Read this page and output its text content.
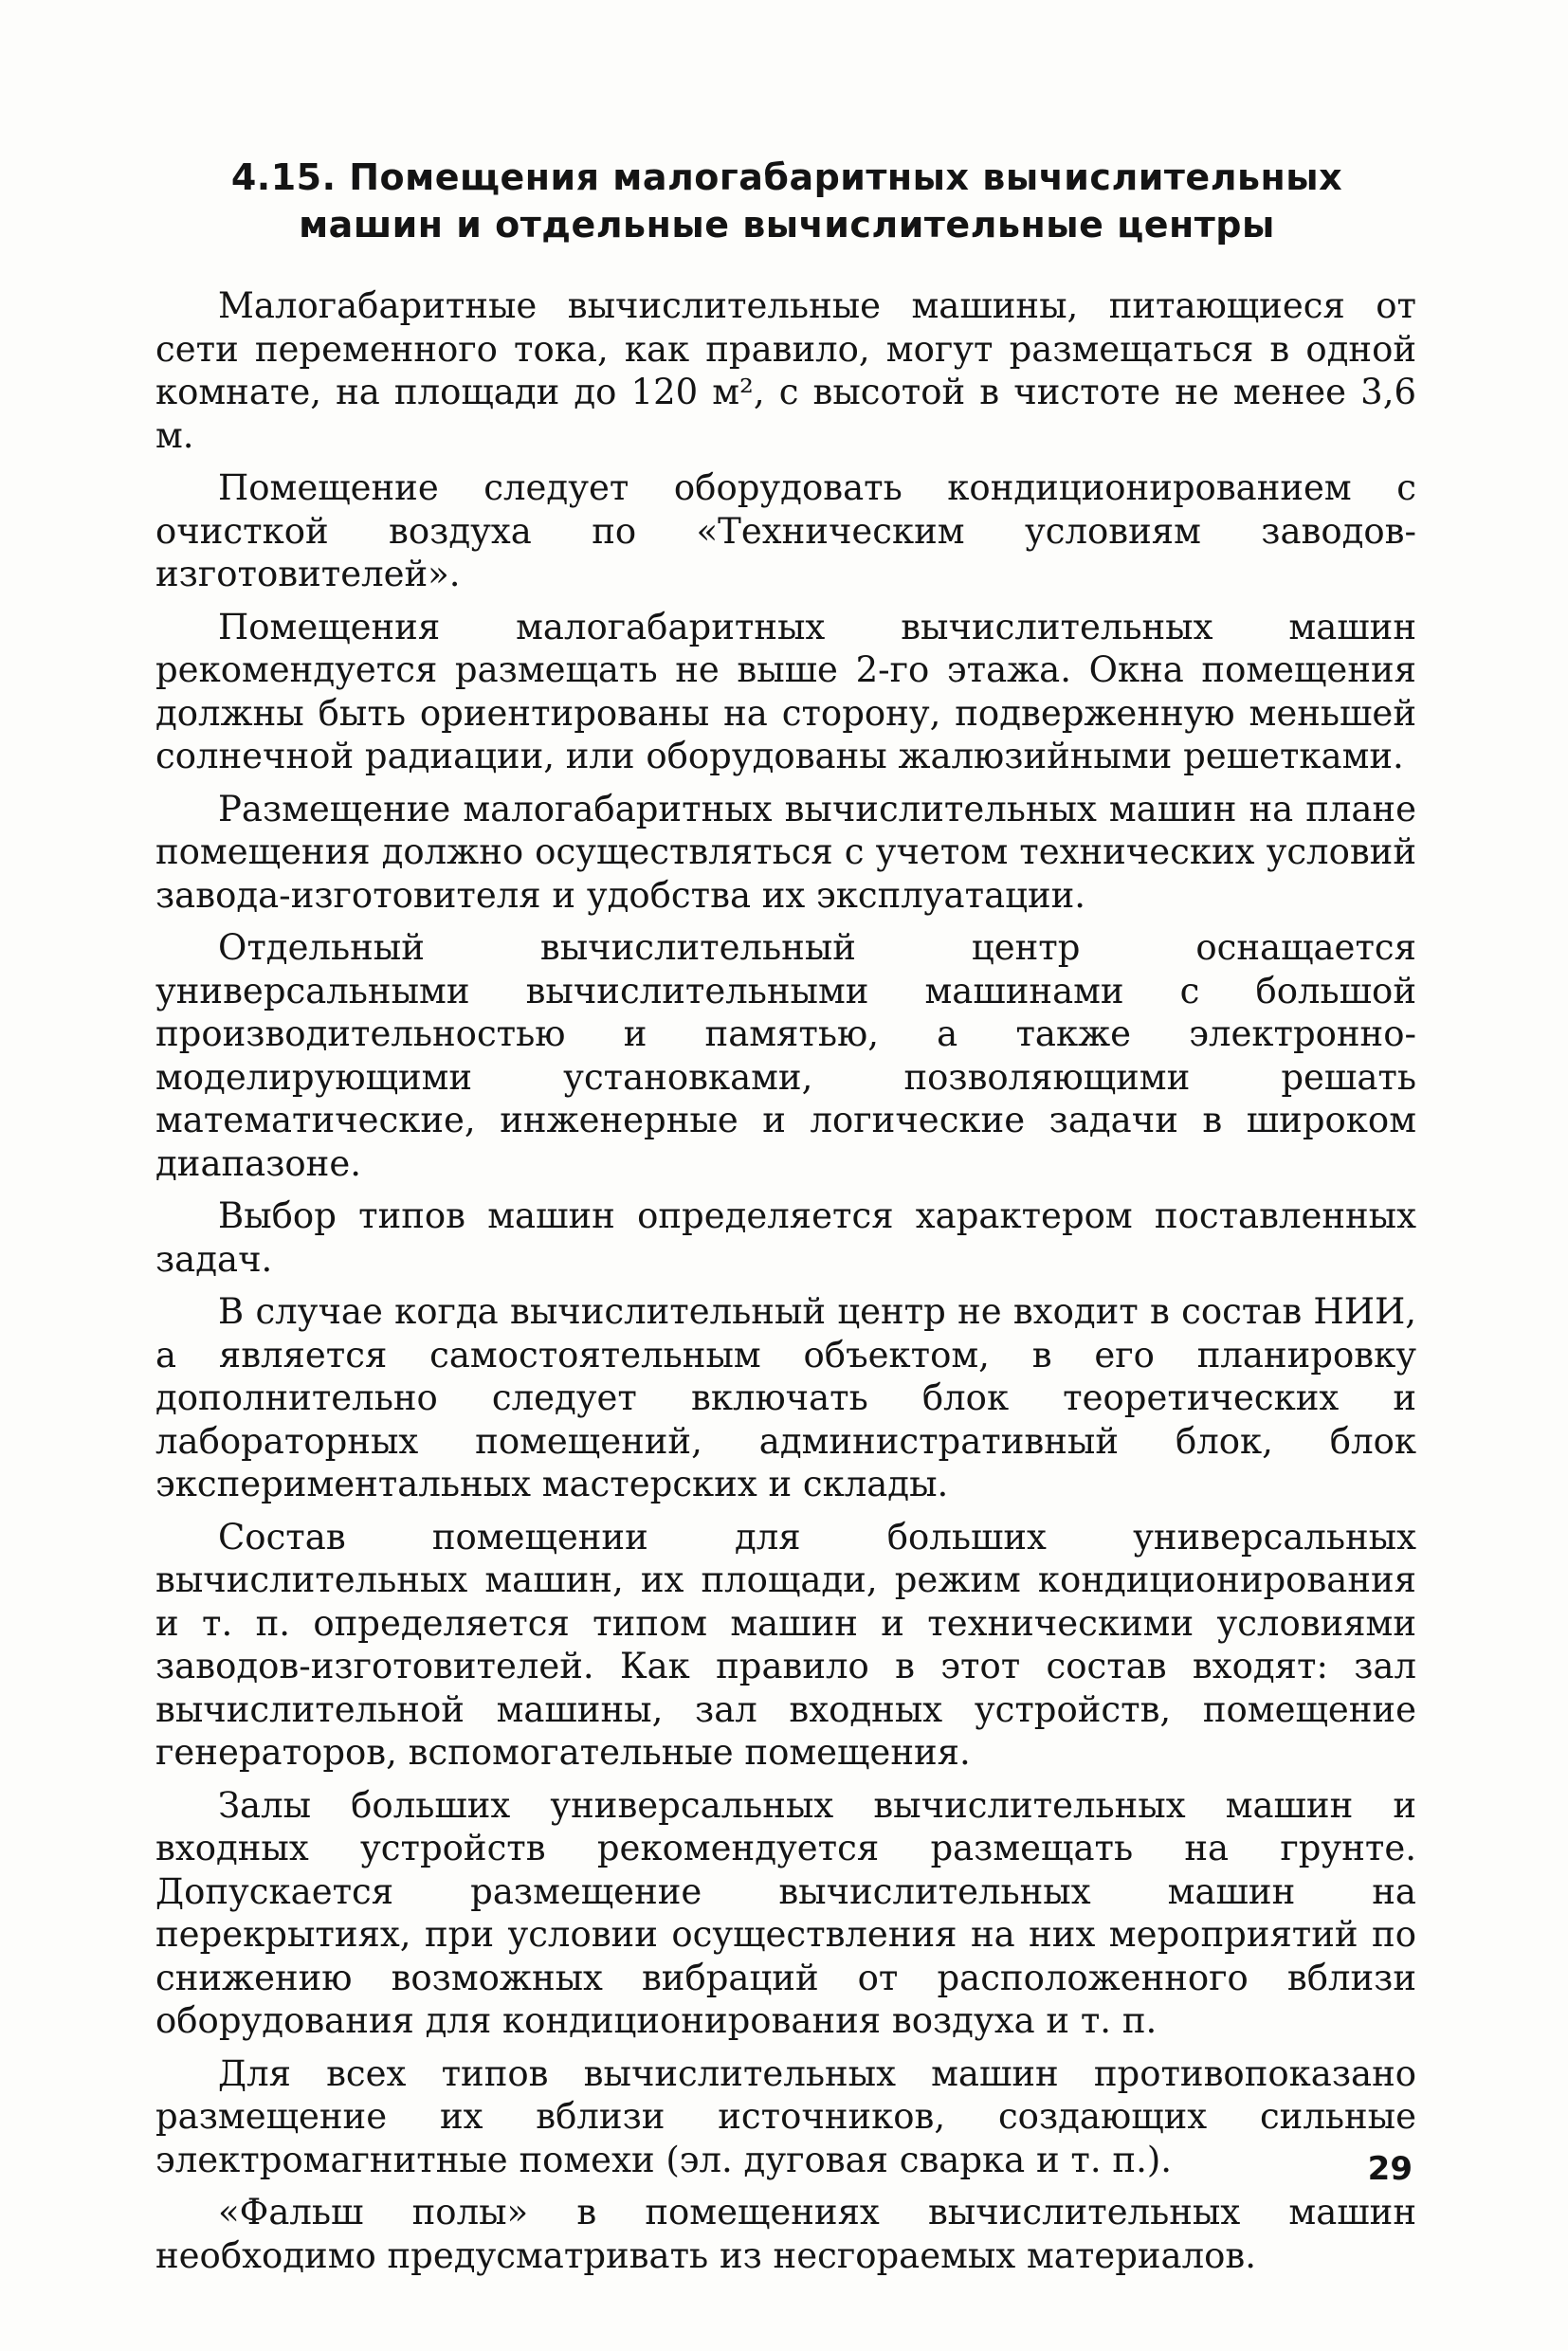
4.15. Помещения малогабаритных вычислительных
машин и отдельные вычислительные центры

Малогабаритные вычислительные машины, питающиеся от сети переменного тока, как правило, могут размещаться в одной комнате, на площади до 120 м², с высотой в чистоте не менее 3,6 м.

Помещение следует оборудовать кондиционированием с очисткой воздуха по «Техническим условиям заводов-изготовителей».

Помещения малогабаритных вычислительных машин рекомендуется размещать не выше 2-го этажа. Окна помещения должны быть ориентированы на сторону, подверженную меньшей солнечной радиации, или оборудованы жалюзийными решетками.

Размещение малогабаритных вычислительных машин на плане помещения должно осуществляться с учетом технических условий завода-изготовителя и удобства их эксплуатации.

Отдельный вычислительный центр оснащается универсальными вычислительными машинами с большой производительностью и памятью, а также электронно-моделирующими установками, позволяющими решать математические, инженерные и логические задачи в широком диапазоне.

Выбор типов машин определяется характером поставленных задач.

В случае когда вычислительный центр не входит в состав НИИ, а является самостоятельным объектом, в его планировку дополнительно следует включать блок теоретических и лабораторных помещений, административный блок, блок экспериментальных мастерских и склады.

Состав помещении для больших универсальных вычислительных машин, их площади, режим кондиционирования и т. п. определяется типом машин и техническими условиями заводов-изготовителей. Как правило в этот состав входят: зал вычислительной машины, зал входных устройств, помещение генераторов, вспомогательные помещения.

Залы больших универсальных вычислительных машин и входных устройств рекомендуется размещать на грунте. Допускается размещение вычислительных машин на перекрытиях, при условии осуществления на них мероприятий по снижению возможных вибраций от расположенного вблизи оборудования для кондиционирования воздуха и т. п.

Для всех типов вычислительных машин противопоказано размещение их вблизи источников, создающих сильные электромагнитные помехи (эл. дуговая сварка и т. п.).

«Фальш полы» в помещениях вычислительных машин необходимо предусматривать из несгораемых материалов.

29
